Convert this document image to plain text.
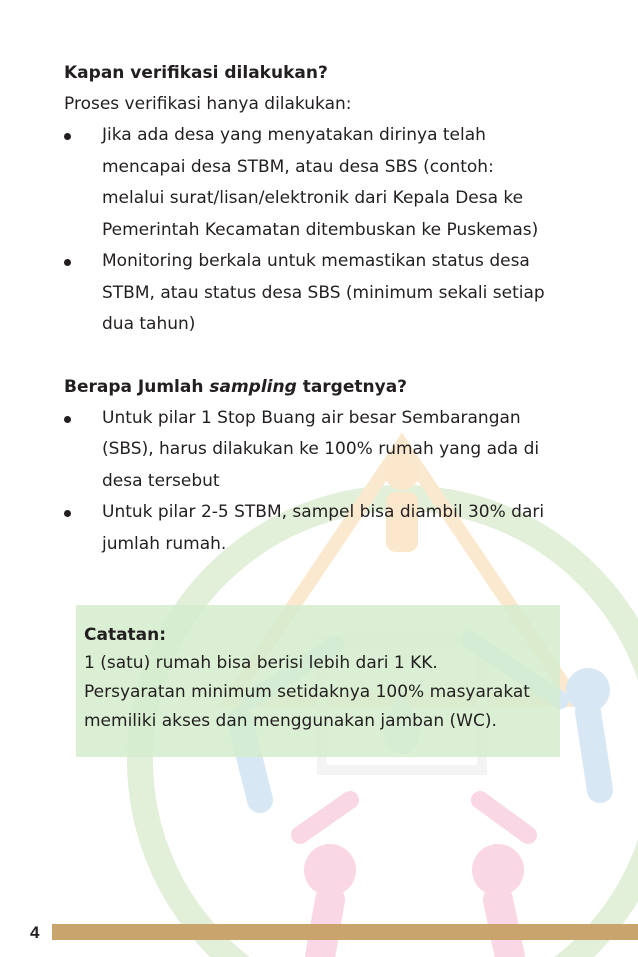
Kapan verifikasi dilakukan?

Proses verifikasi hanya dilakukan:

Jika ada desa yang menyatakan dirinya telah
mencapai desa STBM, atau desa SBS (contoh:
melalui surat/lisan/elektronik dari Kepala Desa ke
Pemerintah Kecamatan ditembuskan ke Puskemas)
Monitoring berkala untuk memastikan status desa
STBM, atau status desa SBS (minimum sekali setiap
dua tahun)

Berapa Jumlah sampling targetnya?

Untuk pilar 1 Stop Buang air besar Sembarangan
(SBS), harus dilakukan ke 100% rumah yang ada di
desa tersebut
Untuk pilar 2-5 STBM, sampel bisa diambil 30% dari
jumlah rumah.

Catatan:

1 (satu) rumah bisa berisi lebih dari 1 KK.

Persyaratan minimum setidaknya 100% masyarakat

memiliki akses dan menggunakan jamban (WC).

4
